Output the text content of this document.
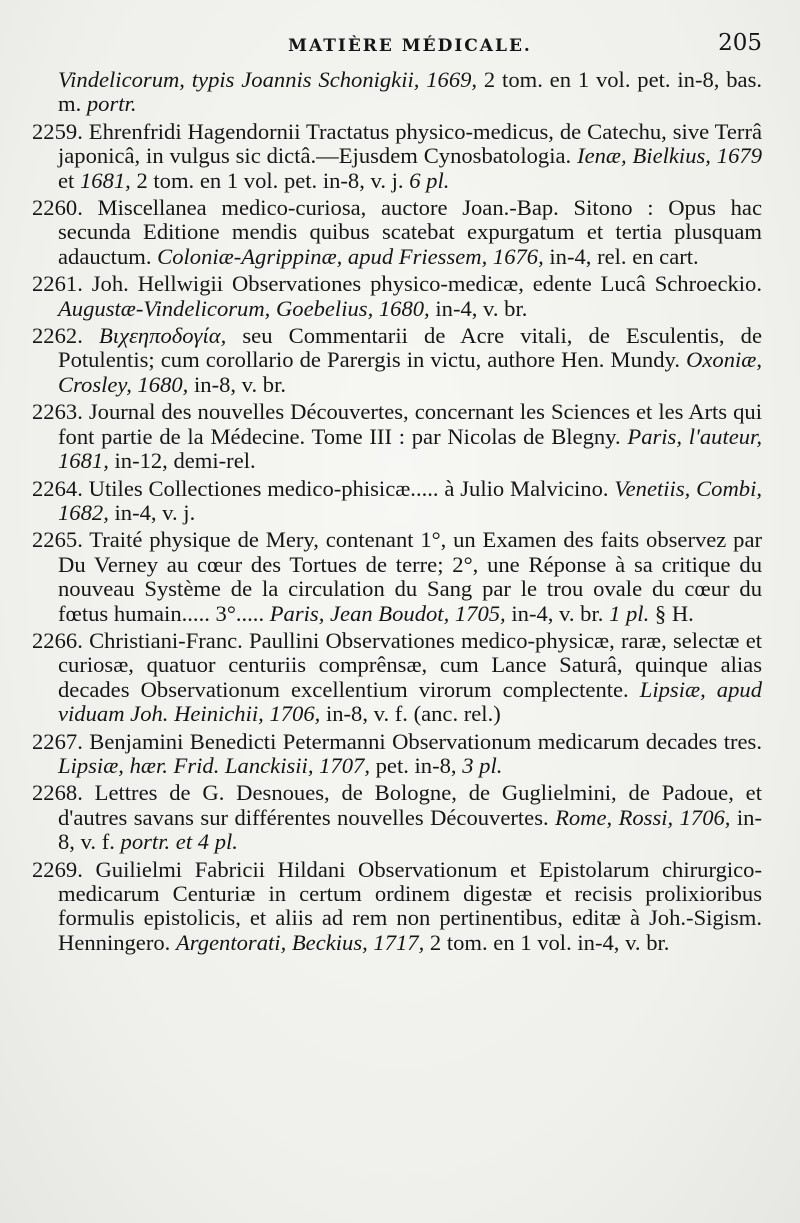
MATIÈRE MÉDICALE.	205

Vindelicorum, typis Joannis Schonigkii, 1669, 2 tom. en 1 vol. pet. in-8, bas. m. portr.

2259. Ehrenfridi Hagendornii Tractatus physico-medicus, de Catechu, sive Terrâ japonicâ, in vulgus sic dictâ.—Ejusdem Cynosbatologia. Ienæ, Bielkius, 1679 et 1681, 2 tom. en 1 vol. pet. in-8, v. j. 6 pl.

2260. Miscellanea medico-curiosa, auctore Joan.-Bap. Sitono : Opus hac secunda Editione mendis quibus scatebat expurgatum et tertia plusquam adauctum. Coloniæ-Agrippinæ, apud Friessem, 1676, in-4, rel. en cart.

2261. Joh. Hellwigii Observationes physico-medicæ, edente Lucâ Schroeckio. Augustæ-Vindelicorum, Goebelius, 1680, in-4, v. br.

2262. Βιχεηποδογία, seu Commentarii de Acre vitali, de Esculentis, de Potulentis; cum corollario de Parergis in victu, authore Hen. Mundy. Oxoniæ, Crosley, 1680, in-8, v. br.

2263. Journal des nouvelles Découvertes, concernant les Sciences et les Arts qui font partie de la Médecine. Tome III : par Nicolas de Blegny. Paris, l'auteur, 1681, in-12, demi-rel.

2264. Utiles Collectiones medico-phisicæ..... à Julio Malvicino. Venetiis, Combi, 1682, in-4, v. j.

2265. Traité physique de Mery, contenant 1°, un Examen des faits observez par Du Verney au cœur des Tortues de terre; 2°, une Réponse à sa critique du nouveau Système de la circulation du Sang par le trou ovale du cœur du fœtus humain..... 3°..... Paris, Jean Boudot, 1705, in-4, v. br. 1 pl. § H.

2266. Christiani-Franc. Paullini Observationes medico-physicæ, raræ, selectæ et curiosæ, quatuor centuriis comprênsæ, cum Lance Saturâ, quinque alias decades Observationum excellentium virorum complectente. Lipsiæ, apud viduam Joh. Heinichii, 1706, in-8, v. f. (anc. rel.)

2267. Benjamini Benedicti Petermanni Observationum medicarum decades tres. Lipsiæ, hær. Frid. Lanckisii, 1707, pet. in-8, 3 pl.

2268. Lettres de G. Desnoues, de Bologne, de Guglielmini, de Padoue, et d'autres savans sur différentes nouvelles Découvertes. Rome, Rossi, 1706, in-8, v. f. portr. et 4 pl.

2269. Guilielmi Fabricii Hildani Observationum et Epistolarum chirurgico-medicarum Centuriæ in certum ordinem digestæ et recisis prolixioribus formulis epistolicis, et aliis ad rem non pertinentibus, editæ à Joh.-Sigism. Henningero. Argentorati, Beckius, 1717, 2 tom. en 1 vol. in-4, v. br.
